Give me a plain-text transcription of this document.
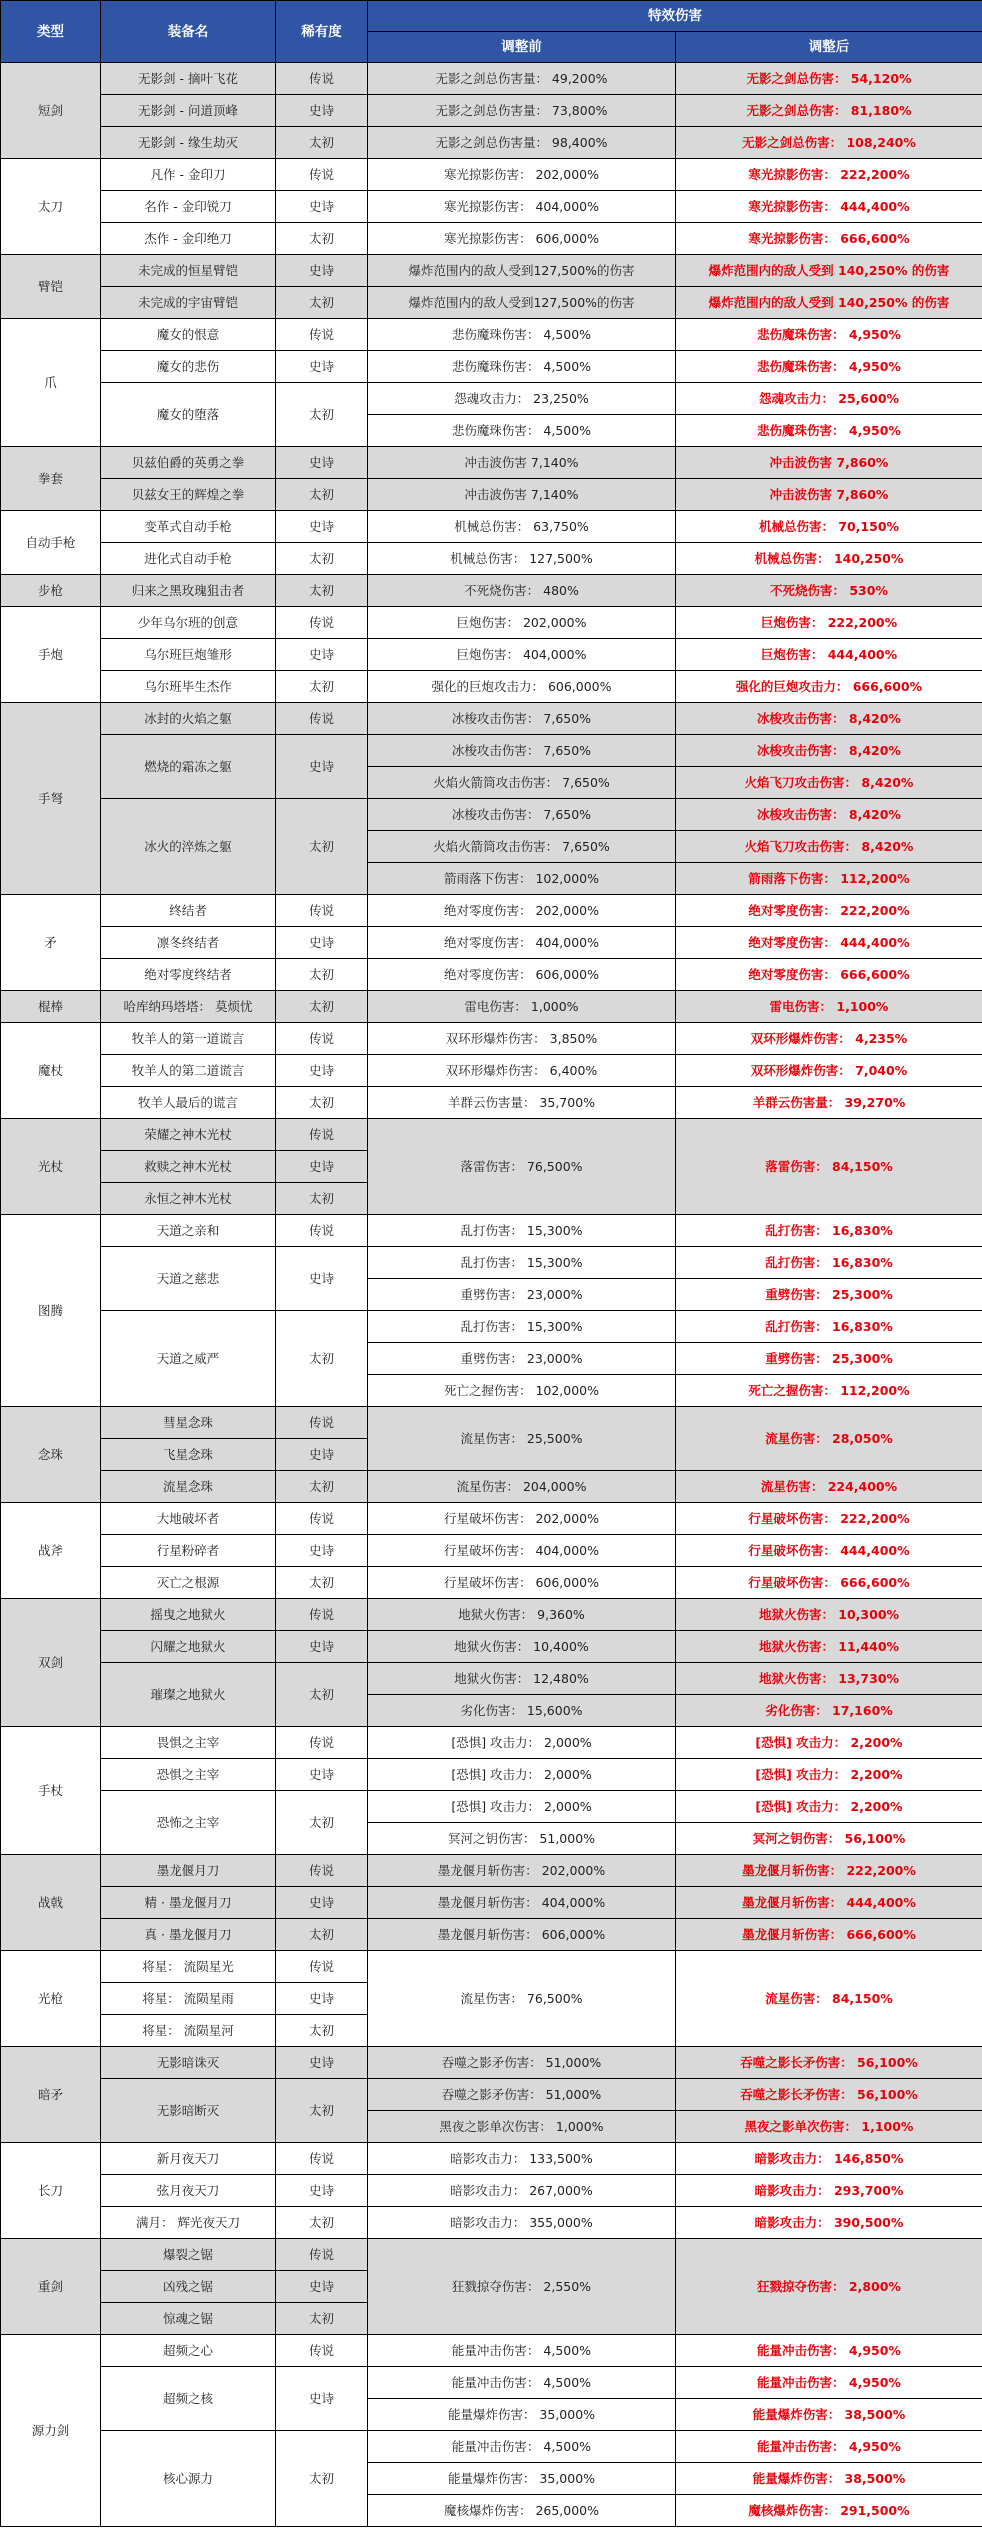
类型	装备名	稀有度	特效伤害	
			调整前	调整后
短剑	无影剑 - 摘叶飞花	传说	无影之剑总伤害量： 49,200%	无影之剑总伤害： 54,120%
	无影剑 - 问道顶峰	史诗	无影之剑总伤害量： 73,800%	无影之剑总伤害： 81,180%
	无影剑 - 缘生劫灭	太初	无影之剑总伤害量： 98,400%	无影之剑总伤害： 108,240%
太刀	凡作 - 金印刀	传说	寒光掠影伤害： 202,000%	寒光掠影伤害： 222,200%
	名作 - 金印锐刀	史诗	寒光掠影伤害： 404,000%	寒光掠影伤害： 444,400%
	杰作 - 金印绝刀	太初	寒光掠影伤害： 606,000%	寒光掠影伤害： 666,600%
臂铠	未完成的恒星臂铠	史诗	爆炸范围内的敌人受到127,500%的伤害	爆炸范围内的敌人受到 140,250% 的伤害
	未完成的宇宙臂铠	太初	爆炸范围内的敌人受到127,500%的伤害	爆炸范围内的敌人受到 140,250% 的伤害
爪	魔女的恨意	传说	悲伤魔珠伤害： 4,500%	悲伤魔珠伤害： 4,950%
	魔女的悲伤	史诗	悲伤魔珠伤害： 4,500%	悲伤魔珠伤害： 4,950%
	魔女的堕落	太初	怨魂攻击力： 23,250%	怨魂攻击力： 25,600%
			悲伤魔珠伤害： 4,500%	悲伤魔珠伤害： 4,950%
拳套	贝兹伯爵的英勇之拳	史诗	冲击波伤害 7,140%	冲击波伤害 7,860%
	贝兹女王的辉煌之拳	太初	冲击波伤害 7,140%	冲击波伤害 7,860%
自动手枪	变革式自动手枪	史诗	机械总伤害： 63,750%	机械总伤害： 70,150%
	进化式自动手枪	太初	机械总伤害： 127,500%	机械总伤害： 140,250%
步枪	归来之黑玫瑰狙击者	太初	不死烧伤害： 480%	不死烧伤害： 530%
手炮	少年乌尔班的创意	传说	巨炮伤害： 202,000%	巨炮伤害： 222,200%
	乌尔班巨炮雏形	史诗	巨炮伤害： 404,000%	巨炮伤害： 444,400%
	乌尔班毕生杰作	太初	强化的巨炮攻击力： 606,000%	强化的巨炮攻击力： 666,600%
手弩	冰封的火焰之躯	传说	冰梭攻击伤害： 7,650%	冰梭攻击伤害： 8,420%
	燃烧的霜冻之躯	史诗	冰梭攻击伤害： 7,650%	冰梭攻击伤害： 8,420%
			火焰火箭筒攻击伤害： 7,650%	火焰飞刀攻击伤害： 8,420%
	冰火的淬炼之躯	太初	冰梭攻击伤害： 7,650%	冰梭攻击伤害： 8,420%
			火焰火箭筒攻击伤害： 7,650%	火焰飞刀攻击伤害： 8,420%
			箭雨落下伤害： 102,000%	箭雨落下伤害： 112,200%
矛	终结者	传说	绝对零度伤害： 202,000%	绝对零度伤害： 222,200%
	凛冬终结者	史诗	绝对零度伤害： 404,000%	绝对零度伤害： 444,400%
	绝对零度终结者	太初	绝对零度伤害： 606,000%	绝对零度伤害： 666,600%
棍棒	哈库纳玛塔塔： 莫烦忧	太初	雷电伤害： 1,000%	雷电伤害： 1,100%
魔杖	牧羊人的第一道谎言	传说	双环形爆炸伤害： 3,850%	双环形爆炸伤害： 4,235%
	牧羊人的第二道谎言	史诗	双环形爆炸伤害： 6,400%	双环形爆炸伤害： 7,040%
	牧羊人最后的谎言	太初	羊群云伤害量： 35,700%	羊群云伤害量： 39,270%
光杖	荣耀之神木光杖	传说	落雷伤害： 76,500%	落雷伤害： 84,150%
	救赎之神木光杖	史诗		
	永恒之神木光杖	太初		
图腾	天道之亲和	传说	乱打伤害： 15,300%	乱打伤害： 16,830%
	天道之慈悲	史诗	乱打伤害： 15,300%	乱打伤害： 16,830%
			重劈伤害： 23,000%	重劈伤害： 25,300%
	天道之威严	太初	乱打伤害： 15,300%	乱打伤害： 16,830%
			重劈伤害： 23,000%	重劈伤害： 25,300%
			死亡之握伤害： 102,000%	死亡之握伤害： 112,200%
念珠	彗星念珠	传说	流星伤害： 25,500%	流星伤害： 28,050%
	飞星念珠	史诗		
	流星念珠	太初	流星伤害： 204,000%	流星伤害： 224,400%
战斧	大地破坏者	传说	行星破坏伤害： 202,000%	行星破坏伤害： 222,200%
	行星粉碎者	史诗	行星破坏伤害： 404,000%	行星破坏伤害： 444,400%
	灭亡之根源	太初	行星破坏伤害： 606,000%	行星破坏伤害： 666,600%
双剑	摇曳之地狱火	传说	地狱火伤害： 9,360%	地狱火伤害： 10,300%
	闪耀之地狱火	史诗	地狱火伤害： 10,400%	地狱火伤害： 11,440%
	璀璨之地狱火	太初	地狱火伤害： 12,480%	地狱火伤害： 13,730%
			劣化伤害： 15,600%	劣化伤害： 17,160%
手杖	畏惧之主宰	传说	[恐惧] 攻击力： 2,000%	[恐惧] 攻击力： 2,200%
	恐惧之主宰	史诗	[恐惧] 攻击力： 2,000%	[恐惧] 攻击力： 2,200%
	恐怖之主宰	太初	[恐惧] 攻击力： 2,000%	[恐惧] 攻击力： 2,200%
			冥河之钥伤害： 51,000%	冥河之钥伤害： 56,100%
战戟	墨龙偃月刀	传说	墨龙偃月斩伤害： 202,000%	墨龙偃月斩伤害： 222,200%
	精 · 墨龙偃月刀	史诗	墨龙偃月斩伤害： 404,000%	墨龙偃月斩伤害： 444,400%
	真 · 墨龙偃月刀	太初	墨龙偃月斩伤害： 606,000%	墨龙偃月斩伤害： 666,600%
光枪	将星： 流陨星光	传说	流星伤害： 76,500%	流星伤害： 84,150%
	将星： 流陨星雨	史诗		
	将星： 流陨星河	太初		
暗矛	无影暗诛灭	史诗	吞噬之影矛伤害： 51,000%	吞噬之影长矛伤害： 56,100%
	无影暗断灭	太初	吞噬之影矛伤害： 51,000%	吞噬之影长矛伤害： 56,100%
			黑夜之影单次伤害： 1,000%	黑夜之影单次伤害： 1,100%
长刀	新月夜天刀	传说	暗影攻击力： 133,500%	暗影攻击力： 146,850%
	弦月夜天刀	史诗	暗影攻击力： 267,000%	暗影攻击力： 293,700%
	满月： 辉光夜天刀	太初	暗影攻击力： 355,000%	暗影攻击力： 390,500%
重剑	爆裂之锯	传说	狂戮掠夺伤害： 2,550%	狂戮掠夺伤害： 2,800%
	凶残之锯	史诗		
	惊魂之锯	太初		
源力剑	超频之心	传说	能量冲击伤害： 4,500%	能量冲击伤害： 4,950%
	超频之核	史诗	能量冲击伤害： 4,500%	能量冲击伤害： 4,950%
			能量爆炸伤害： 35,000%	能量爆炸伤害： 38,500%
	核心源力	太初	能量冲击伤害： 4,500%	能量冲击伤害： 4,950%
			能量爆炸伤害： 35,000%	能量爆炸伤害： 38,500%
			魔核爆炸伤害： 265,000%	魔核爆炸伤害： 291,500%
